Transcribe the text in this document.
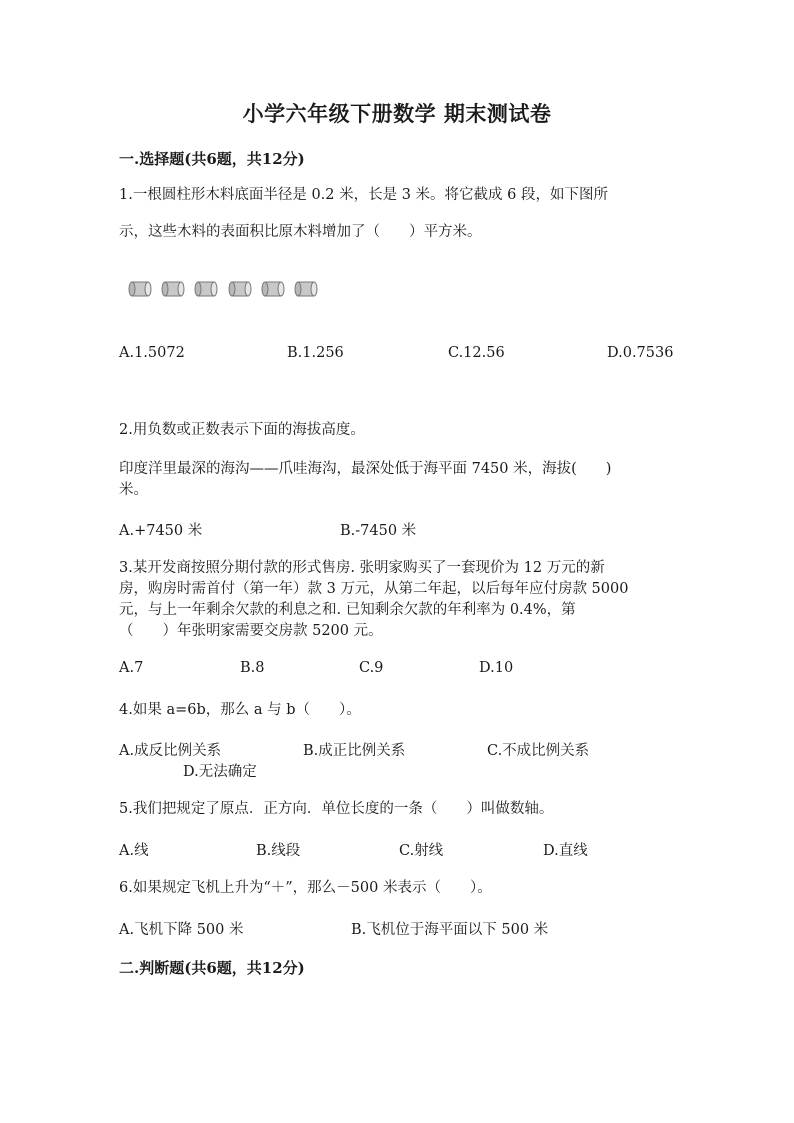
小学六年级下册数学 期末测试卷
一.选择题(共6题，共12分)
1.一根圆柱形木料底面半径是 0.2 米，长是 3 米。将它截成 6 段，如下图所
示，这些木料的表面积比原木料增加了（　　）平方米。
A.1.5072	B.1.256	C.12.56	D.0.7536
2.用负数或正数表示下面的海拔高度。
印度洋里最深的海沟——爪哇海沟，最深处低于海平面 7450 米，海拔(　　)
米。
A.+7450 米	B.-7450 米
3.某开发商按照分期付款的形式售房. 张明家购买了一套现价为 12 万元的新
房，购房时需首付（第一年）款 3 万元，从第二年起，以后每年应付房款 5000
元，与上一年剩余欠款的利息之和. 已知剩余欠款的年利率为 0.4%，第
（　　）年张明家需要交房款 5200 元。
A.7	B.8	C.9	D.10
4.如果 a=6b，那么 a 与 b（　　）。
A.成反比例关系	B.成正比例关系	C.不成比例关系
D.无法确定
5.我们把规定了原点．正方向．单位长度的一条（　　）叫做数轴。
A.线	B.线段	C.射线	D.直线
6.如果规定飞机上升为“＋”，那么－500 米表示（　　）。
A.飞机下降 500 米	B.飞机位于海平面以下 500 米
二.判断题(共6题，共12分)
